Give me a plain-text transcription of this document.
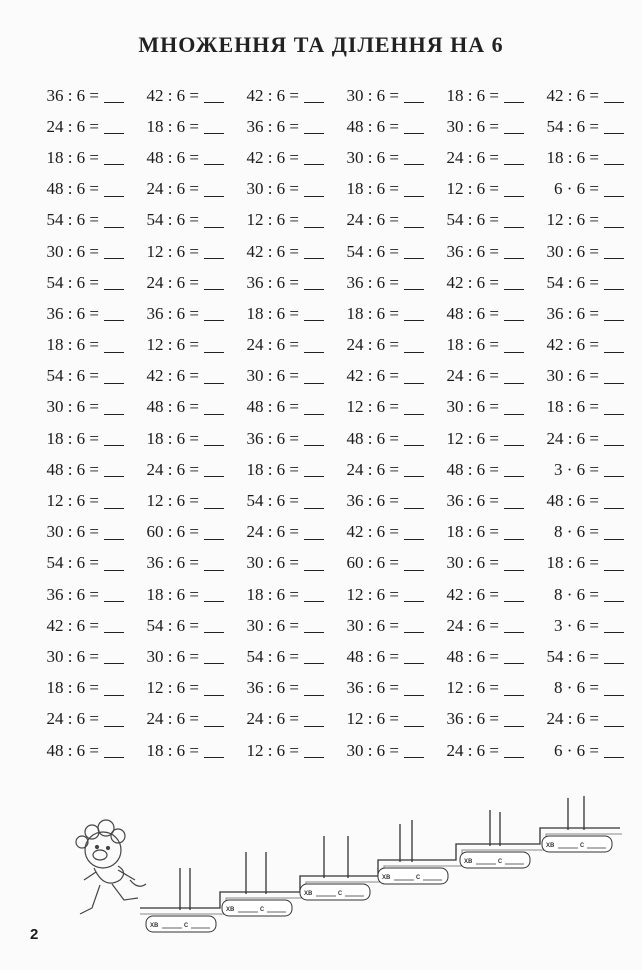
МНОЖЕННЯ ТА ДІЛЕННЯ НА 6
36 : 6 =	42 : 6 =	42 : 6 =	30 : 6 =	18 : 6 =	42 : 6 =
24 : 6 =	18 : 6 =	36 : 6 =	48 : 6 =	30 : 6 =	54 : 6 =
18 : 6 =	48 : 6 =	42 : 6 =	30 : 6 =	24 : 6 =	18 : 6 =
48 : 6 =	24 : 6 =	30 : 6 =	18 : 6 =	12 : 6 =	6 · 6 =
54 : 6 =	54 : 6 =	12 : 6 =	24 : 6 =	54 : 6 =	12 : 6 =
30 : 6 =	12 : 6 =	42 : 6 =	54 : 6 =	36 : 6 =	30 : 6 =
54 : 6 =	24 : 6 =	36 : 6 =	36 : 6 =	42 : 6 =	54 : 6 =
36 : 6 =	36 : 6 =	18 : 6 =	18 : 6 =	48 : 6 =	36 : 6 =
18 : 6 =	12 : 6 =	24 : 6 =	24 : 6 =	18 : 6 =	42 : 6 =
54 : 6 =	42 : 6 =	30 : 6 =	42 : 6 =	24 : 6 =	30 : 6 =
30 : 6 =	48 : 6 =	48 : 6 =	12 : 6 =	30 : 6 =	18 : 6 =
18 : 6 =	18 : 6 =	36 : 6 =	48 : 6 =	12 : 6 =	24 : 6 =
48 : 6 =	24 : 6 =	18 : 6 =	24 : 6 =	48 : 6 =	3 · 6 =
12 : 6 =	12 : 6 =	54 : 6 =	36 : 6 =	36 : 6 =	48 : 6 =
30 : 6 =	60 : 6 =	24 : 6 =	42 : 6 =	18 : 6 =	8 · 6 =
54 : 6 =	36 : 6 =	30 : 6 =	60 : 6 =	30 : 6 =	18 : 6 =
36 : 6 =	18 : 6 =	18 : 6 =	12 : 6 =	42 : 6 =	8 · 6 =
42 : 6 =	54 : 6 =	30 : 6 =	30 : 6 =	24 : 6 =	3 · 6 =
30 : 6 =	30 : 6 =	54 : 6 =	48 : 6 =	48 : 6 =	54 : 6 =
18 : 6 =	12 : 6 =	36 : 6 =	36 : 6 =	12 : 6 =	8 · 6 =
24 : 6 =	24 : 6 =	24 : 6 =	12 : 6 =	36 : 6 =	24 : 6 =
48 : 6 =	18 : 6 =	12 : 6 =	30 : 6 =	24 : 6 =	6 · 6 =
хв	с
хв	с
хв	с
хв	с
хв	с
хв	с
2
